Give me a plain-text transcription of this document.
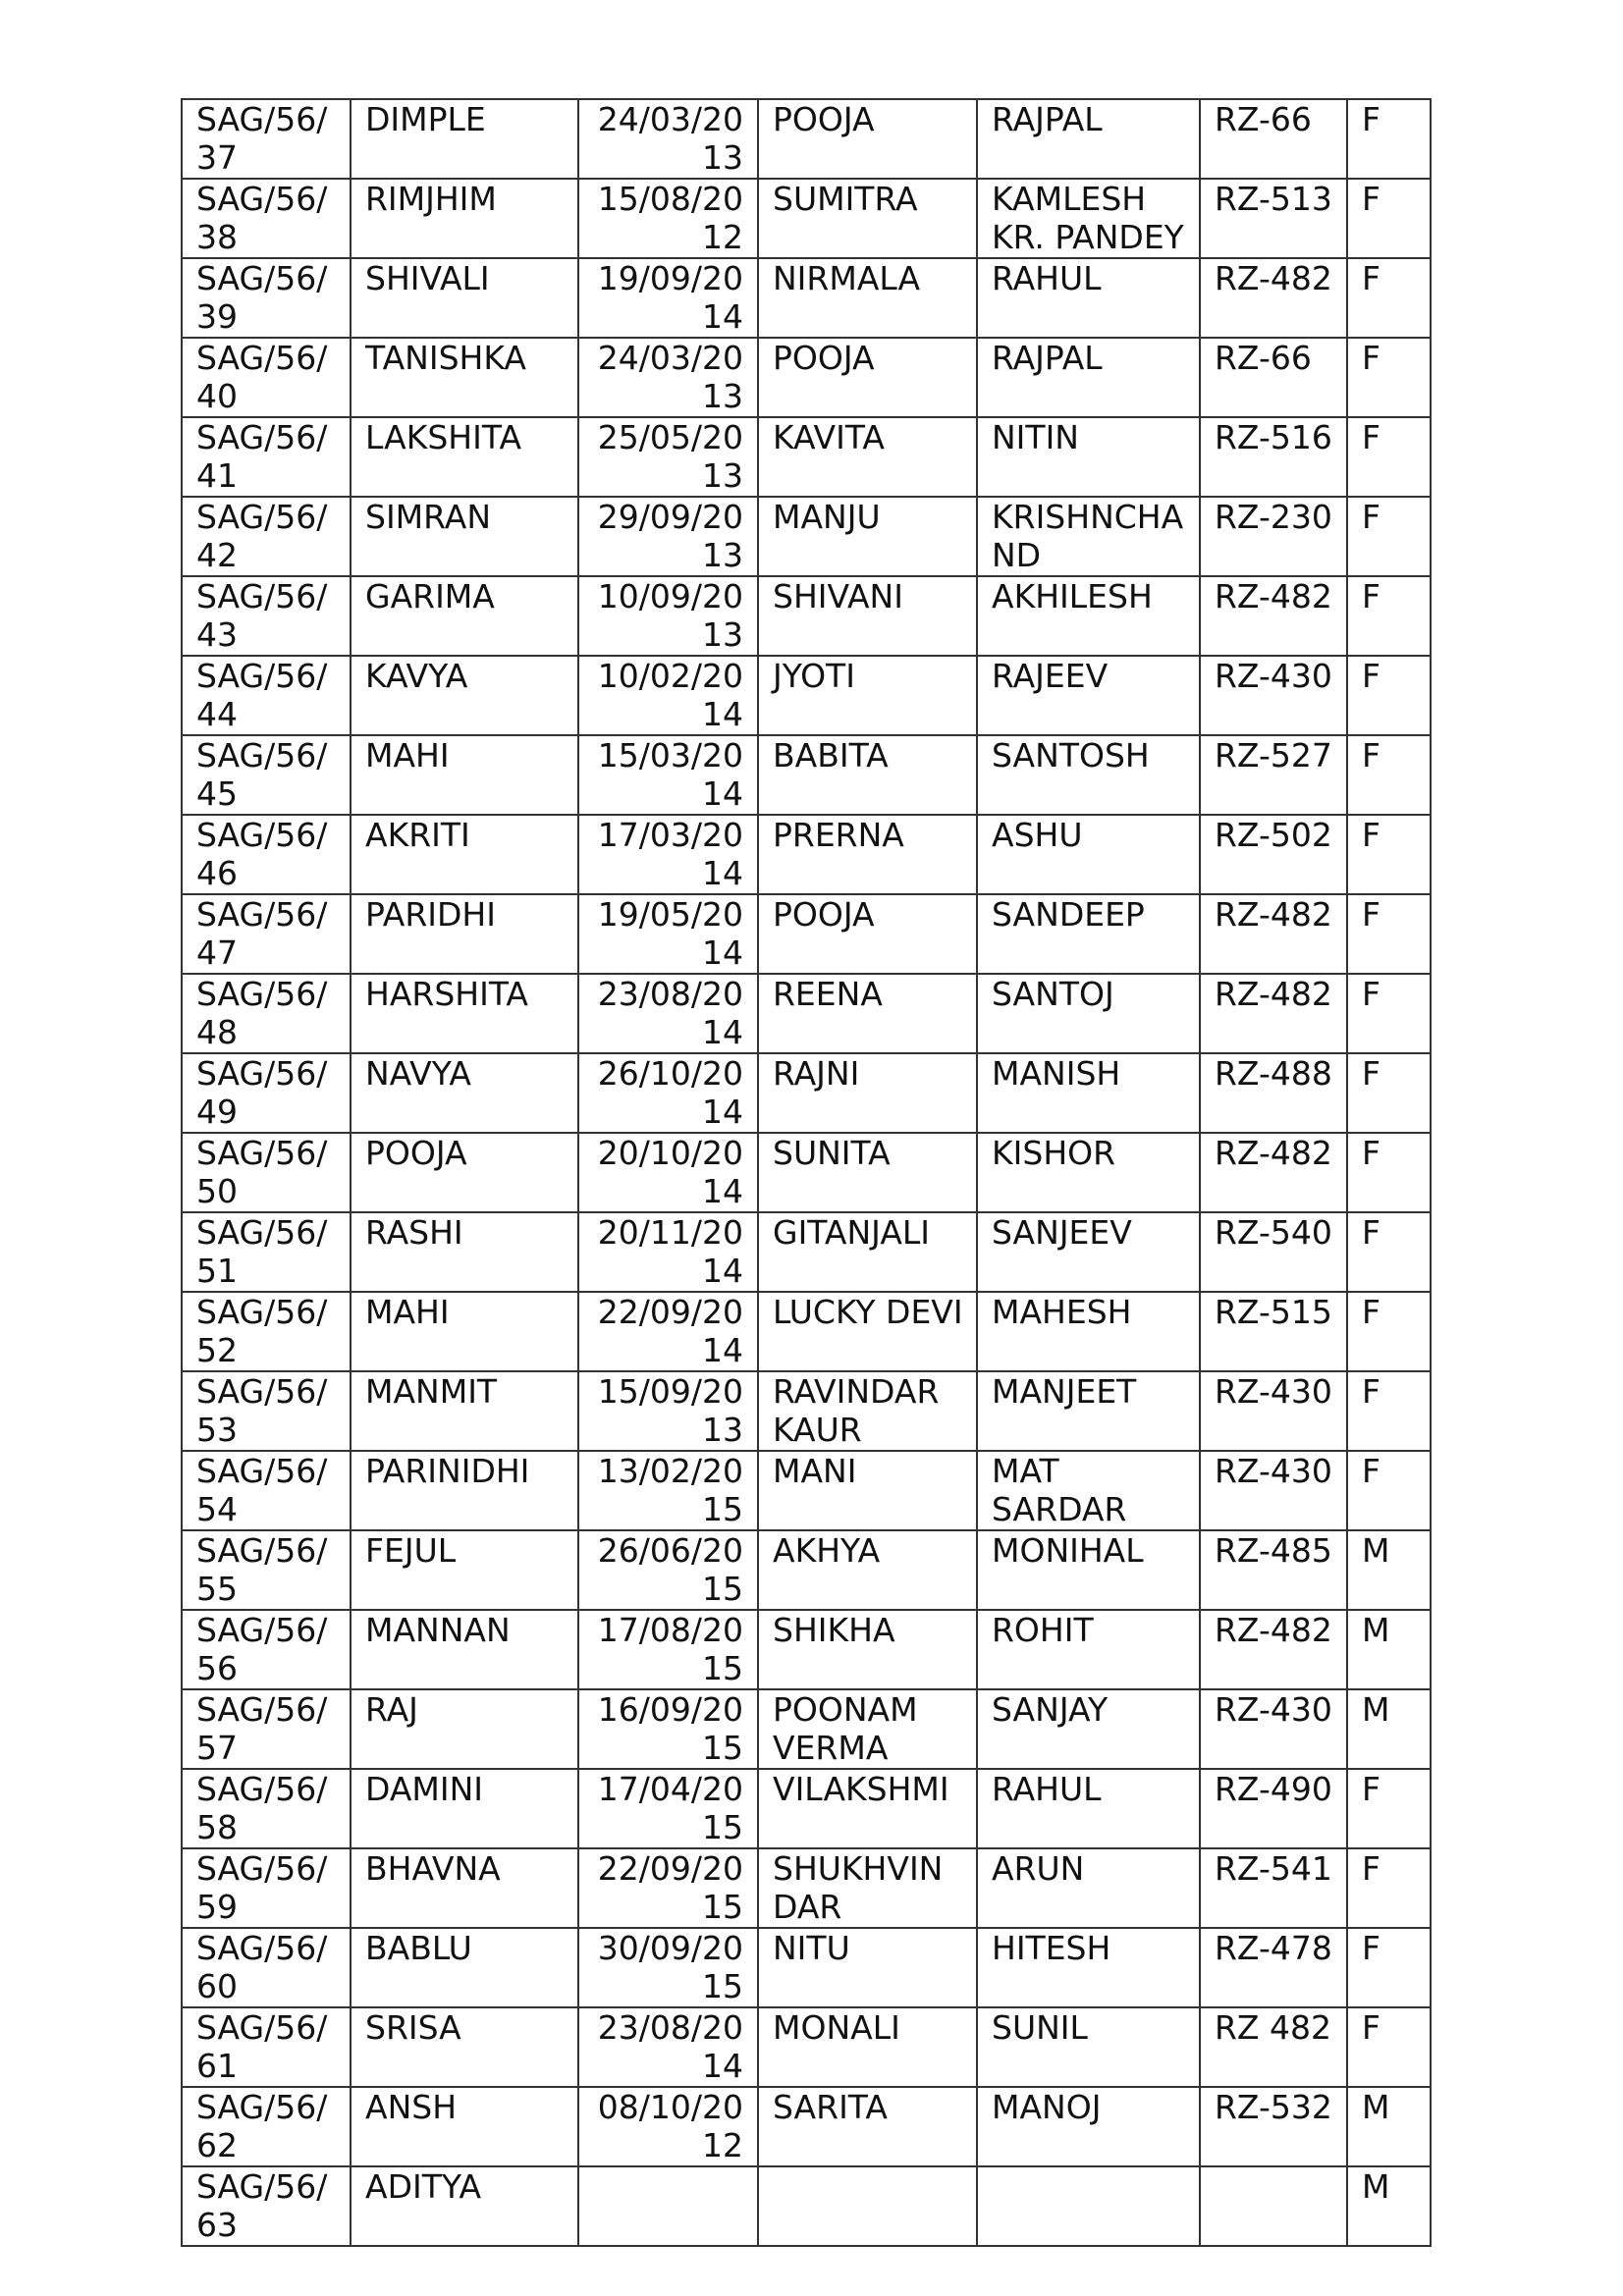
SAG/56/37	DIMPLE	24/03/2013	POOJA	RAJPAL	RZ-66	F
SAG/56/38	RIMJHIM	15/08/2012	SUMITRA	KAMLESH KR. PANDEY	RZ-513	F
SAG/56/39	SHIVALI	19/09/2014	NIRMALA	RAHUL	RZ-482	F
SAG/56/40	TANISHKA	24/03/2013	POOJA	RAJPAL	RZ-66	F
SAG/56/41	LAKSHITA	25/05/2013	KAVITA	NITIN	RZ-516	F
SAG/56/42	SIMRAN	29/09/2013	MANJU	KRISHNCHAND	RZ-230	F
SAG/56/43	GARIMA	10/09/2013	SHIVANI	AKHILESH	RZ-482	F
SAG/56/44	KAVYA	10/02/2014	JYOTI	RAJEEV	RZ-430	F
SAG/56/45	MAHI	15/03/2014	BABITA	SANTOSH	RZ-527	F
SAG/56/46	AKRITI	17/03/2014	PRERNA	ASHU	RZ-502	F
SAG/56/47	PARIDHI	19/05/2014	POOJA	SANDEEP	RZ-482	F
SAG/56/48	HARSHITA	23/08/2014	REENA	SANTOJ	RZ-482	F
SAG/56/49	NAVYA	26/10/2014	RAJNI	MANISH	RZ-488	F
SAG/56/50	POOJA	20/10/2014	SUNITA	KISHOR	RZ-482	F
SAG/56/51	RASHI	20/11/2014	GITANJALI	SANJEEV	RZ-540	F
SAG/56/52	MAHI	22/09/2014	LUCKY DEVI	MAHESH	RZ-515	F
SAG/56/53	MANMIT	15/09/2013	RAVINDAR KAUR	MANJEET	RZ-430	F
SAG/56/54	PARINIDHI	13/02/2015	MANI	MAT SARDAR	RZ-430	F
SAG/56/55	FEJUL	26/06/2015	AKHYA	MONIHAL	RZ-485	M
SAG/56/56	MANNAN	17/08/2015	SHIKHA	ROHIT	RZ-482	M
SAG/56/57	RAJ	16/09/2015	POONAM VERMA	SANJAY	RZ-430	M
SAG/56/58	DAMINI	17/04/2015	VILAKSHMI	RAHUL	RZ-490	F
SAG/56/59	BHAVNA	22/09/2015	SHUKHVINDAR	ARUN	RZ-541	F
SAG/56/60	BABLU	30/09/2015	NITU	HITESH	RZ-478	F
SAG/56/61	SRISA	23/08/2014	MONALI	SUNIL	RZ 482	F
SAG/56/62	ANSH	08/10/2012	SARITA	MANOJ	RZ-532	M
SAG/56/63	ADITYA					M
